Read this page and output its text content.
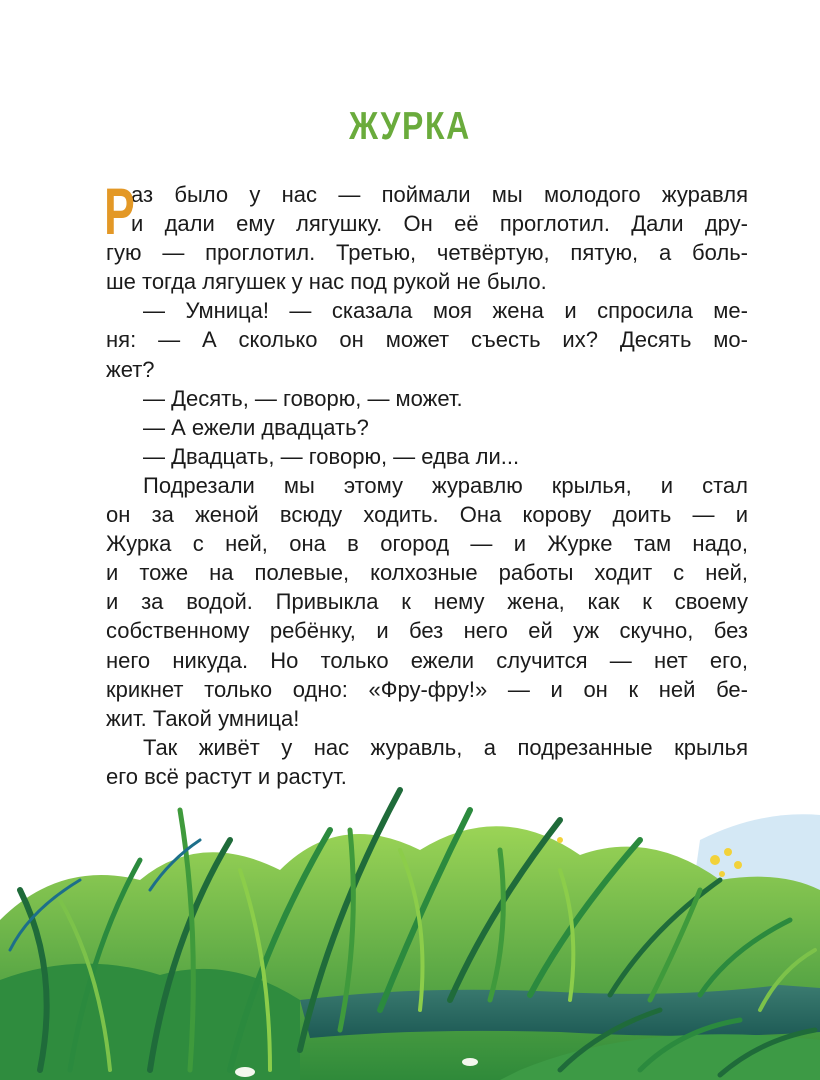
ЖУРКА
Р
аз было у нас — поймали мы молодого журавля
и дали ему лягушку. Он её проглотил. Дали дру-
гую — проглотил. Третью, четвёртую, пятую, а боль-
ше тогда лягушек у нас под рукой не было.
— Умница! — сказала моя жена и спросила ме-
ня: — А сколько он может съесть их? Десять мо-
жет?
— Десять, — говорю, — может.
— А ежели двадцать?
— Двадцать, — говорю, — едва ли...
Подрезали мы этому журавлю крылья, и стал
он за женой всюду ходить. Она корову доить — и
Журка с ней, она в огород — и Журке там надо,
и тоже на полевые, колхозные работы ходит с ней,
и за водой. Привыкла к нему жена, как к своему
собственному ребёнку, и без него ей уж скучно, без
него никуда. Но только ежели случится — нет его,
крикнет только одно: «Фру-фру!» — и он к ней бе-
жит. Такой умница!
Так живёт у нас журавль, а подрезанные крылья
его всё растут и растут.
